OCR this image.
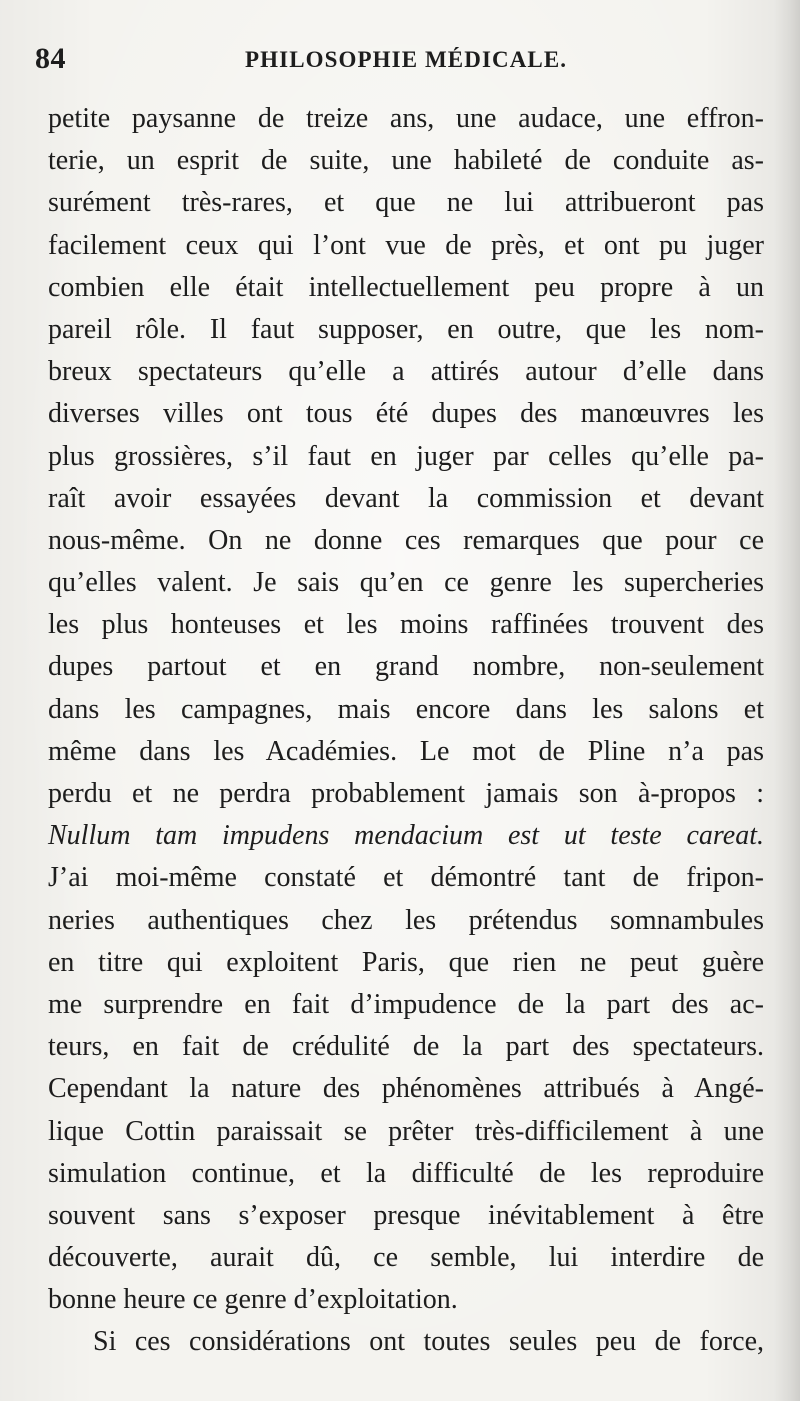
84	PHILOSOPHIE MÉDICALE.
petite paysanne de treize ans, une audace, une effron-
terie, un esprit de suite, une habileté de conduite as-
surément très-rares, et que ne lui attribueront pas
facilement ceux qui l’ont vue de près, et ont pu juger
combien elle était intellectuellement peu propre à un
pareil rôle. Il faut supposer, en outre, que les nom-
breux spectateurs qu’elle a attirés autour d’elle dans
diverses villes ont tous été dupes des manœuvres les
plus grossières, s’il faut en juger par celles qu’elle pa-
raît avoir essayées devant la commission et devant
nous-même. On ne donne ces remarques que pour ce
qu’elles valent. Je sais qu’en ce genre les supercheries
les plus honteuses et les moins raffinées trouvent des
dupes partout et en grand nombre, non-seulement
dans les campagnes, mais encore dans les salons et
même dans les Académies. Le mot de Pline n’a pas
perdu et ne perdra probablement jamais son à-propos :
Nullum tam impudens mendacium est ut teste careat.
J’ai moi-même constaté et démontré tant de fripon-
neries authentiques chez les prétendus somnambules
en titre qui exploitent Paris, que rien ne peut guère
me surprendre en fait d’impudence de la part des ac-
teurs, en fait de crédulité de la part des spectateurs.
Cependant la nature des phénomènes attribués à Angé-
lique Cottin paraissait se prêter très-difficilement à une
simulation continue, et la difficulté de les reproduire
souvent sans s’exposer presque inévitablement à être
découverte, aurait dû, ce semble, lui interdire de
bonne heure ce genre d’exploitation.
Si ces considérations ont toutes seules peu de force,
